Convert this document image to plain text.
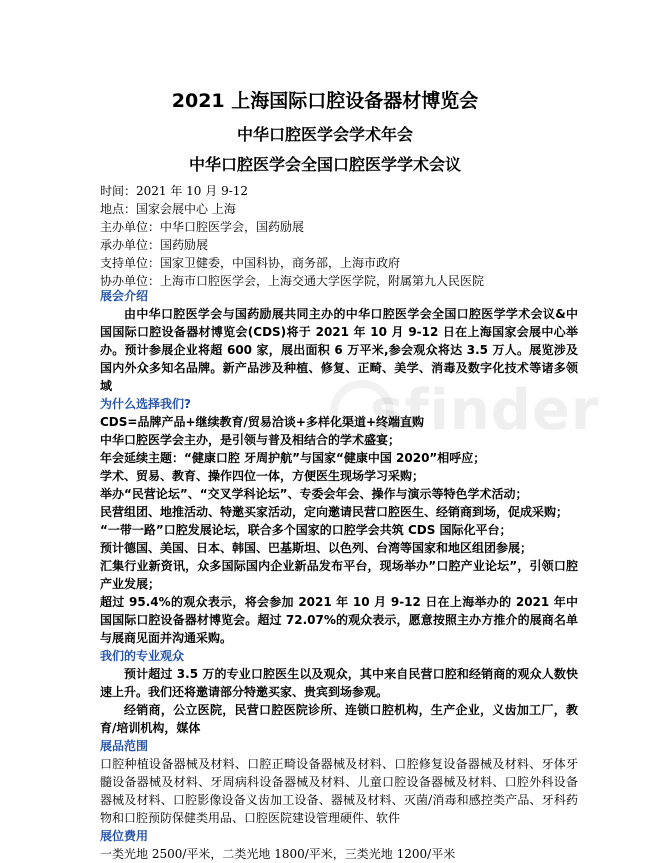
sfinder
2021 上海国际口腔设备器材博览会
中华口腔医学会学术年会
中华口腔医学会全国口腔医学学术会议
时间：2021 年 10 月 9-12
地点：国家会展中心 上海
主办单位：中华口腔医学会，国药励展
承办单位：国药励展
支持单位：国家卫健委，中国科协，商务部，上海市政府
协办单位：上海市口腔医学会，上海交通大学医学院，附属第九人民医院
展会介绍
由中华口腔医学会与国药励展共同主办的中华口腔医学会全国口腔医学学术会议&中国国际口腔设备器材博览会(CDS)将于 2021 年 10 月 9-12 日在上海国家会展中心举办。预计参展企业将超 600 家，展出面积 6 万平米,参会观众将达 3.5 万人。展览涉及国内外众多知名品牌。新产品涉及种植、修复、正畸、美学、消毒及数字化技术等诸多领域
为什么选择我们?
CDS=品牌产品+继续教育/贸易洽谈+多样化渠道+终端直购
中华口腔医学会主办，是引领与普及相结合的学术盛宴；
年会延续主题：“健康口腔 牙周护航”与国家“健康中国 2020”相呼应；
学术、贸易、教育、操作四位一体，方便医生现场学习采购；
举办“民营论坛”、“交叉学科论坛”、专委会年会、操作与演示等特色学术活动；
民营组团、地推活动、特邀买家活动，定向邀请民营口腔医生、经销商到场，促成采购；
“一带一路”口腔发展论坛，联合多个国家的口腔学会共筑 CDS 国际化平台；
预计德国、美国、日本、韩国、巴基斯坦、以色列、台湾等国家和地区组团参展；
汇集行业新资讯，众多国际国内企业新品发布平台，现场举办”口腔产业论坛”，引领口腔产业发展；
超过 95.4%的观众表示，将会参加 2021 年 10 月 9-12 日在上海举办的 2021 年中国国际口腔设备器材博览会。超过 72.07%的观众表示，愿意按照主办方推介的展商名单与展商见面并沟通采购。
我们的专业观众
预计超过 3.5 万的专业口腔医生以及观众，其中来自民营口腔和经销商的观众人数快速上升。我们还将邀请部分特邀买家、贵宾到场参观。
经销商，公立医院，民营口腔医院诊所、连锁口腔机构，生产企业，义齿加工厂，教育/培训机构，媒体
展品范围
口腔种植设备器械及材料、口腔正畸设备器械及材料、口腔修复设备器械及材料、牙体牙髓设备器械及材料、牙周病科设备器械及材料、儿童口腔设备器械及材料、口腔外科设备器械及材料、口腔影像设备义齿加工设备、器械及材料、灭菌/消毒和感控类产品、牙科药物和口腔预防保健类用品、口腔医院建设管理硬件、软件
展位费用
一类光地 2500/平米，二类光地 1800/平米，三类光地 1200/平米
